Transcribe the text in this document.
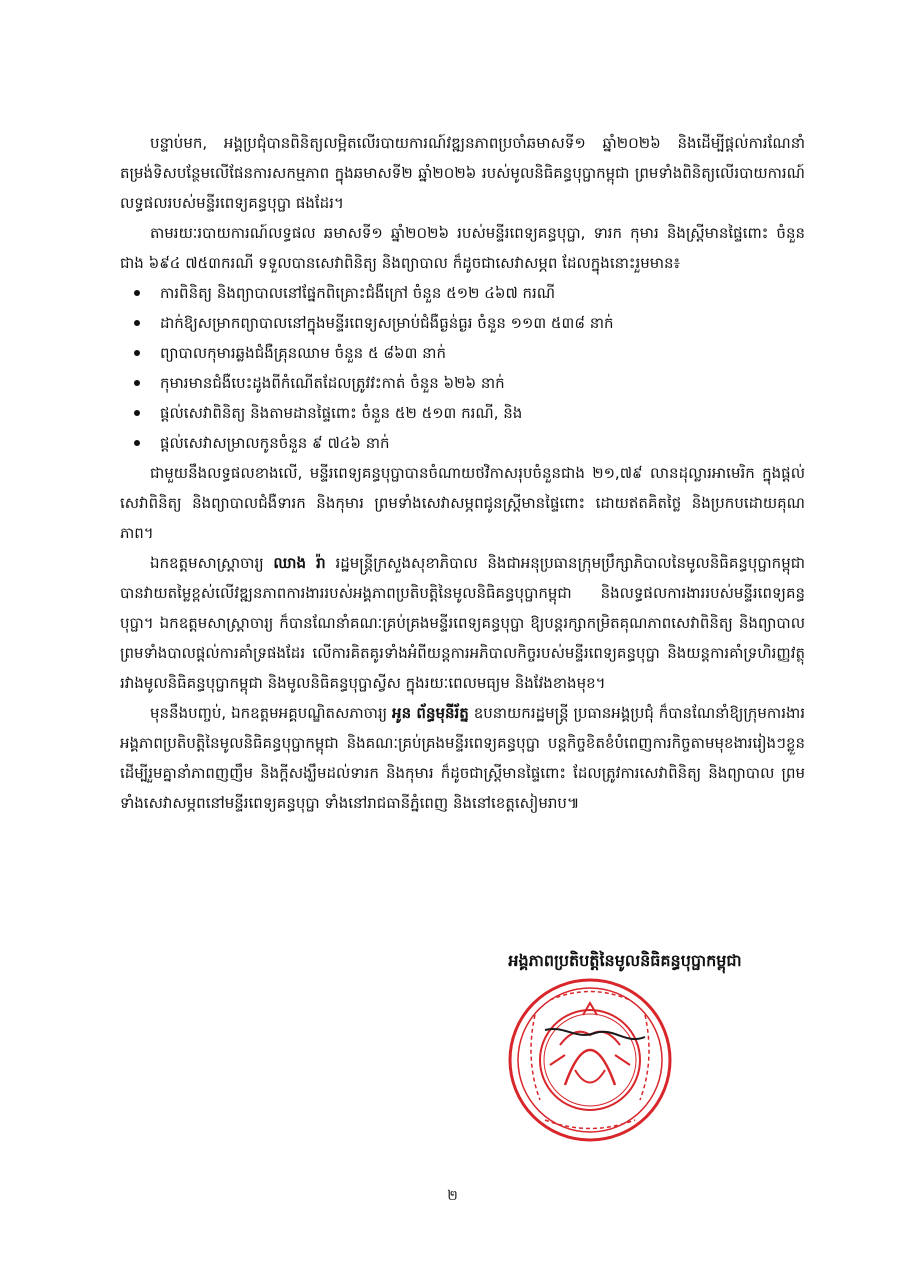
បន្ទាប់មក, អង្គប្រជុំបានពិនិត្យលម្អិតលើរបាយការណ៍វឌ្ឍនភាពប្រចាំឆមាសទី១ ឆ្នាំ២០២៦ និងដើម្បីផ្តល់ការណែនាំតម្រង់ទិសបន្ថែមលើផែនការសកម្មភាព ក្នុងឆមាសទី២ ឆ្នាំ២០២៦ របស់មូលនិធិគន្ធបុប្ផាកម្ពុជា ព្រមទាំងពិនិត្យលើរបាយការណ៍លទ្ធផលរបស់មន្ទីរពេទ្យគន្ធបុប្ផា ផងដែរ។

តាមរយៈរបាយការណ៍លទ្ធផល ឆមាសទី១ ឆ្នាំ២០២៦ របស់មន្ទីរពេទ្យគន្ធបុប្ផា, ទារក កុមារ និងស្ត្រីមានផ្ទៃពោះ ចំនួនជាង ៦៩៤ ៧៥៣ករណី ទទួលបានសេវាពិនិត្យ និងព្យាបាល ក៏ដូចជាសេវាសម្ភព ដែលក្នុងនោះរួមមាន៖

ការពិនិត្យ និងព្យាបាលនៅផ្នែកពិគ្រោះជំងឺក្រៅ ចំនួន ៥១២ ៤៦៧ ករណី
ដាក់ឱ្យសម្រាកព្យាបាលនៅក្នុងមន្ទីរពេទ្យសម្រាប់ជំងឺធ្ងន់ធ្ងរ ចំនួន ១១៣ ៥៣៨ នាក់
ព្យាបាលកុមារឆ្លងជំងឺគ្រុនឈាម ចំនួន ៥ ៨៦៣ នាក់
កុមារមានជំងឺបេះដូងពីកំណើតដែលត្រូវវះកាត់ ចំនួន ៦២៦ នាក់
ផ្តល់សេវាពិនិត្យ និងតាមដានផ្ទៃពោះ ចំនួន ៥២ ៥១៣ ករណី, និង
ផ្តល់សេវាសម្រាលកូនចំនួន ៩ ៧៤៦ នាក់

ជាមួយនឹងលទ្ធផលខាងលើ, មន្ទីរពេទ្យគន្ធបុប្ផាបានចំណាយថវិកាសរុបចំនួនជាង ២១,៧៩ លានដុល្លារអាមេរិក ក្នុងផ្តល់សេវាពិនិត្យ និងព្យាបាលជំងឺទារក និងកុមារ ព្រមទាំងសេវាសម្ភពជូនស្ត្រីមានផ្ទៃពោះ ដោយឥតគិតថ្លៃ និងប្រកបដោយគុណភាព។

ឯកឧត្តមសាស្ត្រាចារ្យ ឈាង រ៉ា រដ្ឋមន្ត្រីក្រសួងសុខាភិបាល និងជាអនុប្រធានក្រុមប្រឹក្សាភិបាលនៃមូលនិធិគន្ធបុប្ផាកម្ពុជា បានវាយតម្លៃខ្ពស់លើវឌ្ឍនភាពការងាររបស់អង្គភាពប្រតិបត្តិនៃមូលនិធិគន្ធបុប្ផាកម្ពុជា និងលទ្ធផលការងាររបស់មន្ទីរពេទ្យគន្ធបុប្ផា។ ឯកឧត្តមសាស្ត្រាចារ្យ ក៏បានណែនាំគណៈគ្រប់គ្រងមន្ទីរពេទ្យគន្ធបុប្ផា ឱ្យបន្តរក្សាកម្រិតគុណភាពសេវាពិនិត្យ និងព្យាបាល ព្រមទាំងបាលផ្តល់ការគាំទ្រផងដែរ លើការគិតគូរទាំងអំពីយន្តការអភិបាលកិច្ចរបស់មន្ទីរពេទ្យគន្ធបុប្ផា និងយន្តការគាំទ្រហិរញ្ញវត្ថុ រវាងមូលនិធិគន្ធបុប្ផាកម្ពុជា និងមូលនិធិគន្ធបុប្ផាស្វីស ក្នុងរយៈពេលមធ្យម និងវែងខាងមុខ។

មុននឹងបញ្ចប់, ឯកឧត្តមអគ្គបណ្ឌិតសភាចារ្យ អូន ព័ន្ធមុនីរ័ត្ន ឧបនាយករដ្ឋមន្ត្រី ប្រធានអង្គប្រជុំ ក៏បានណែនាំឱ្យក្រុមការងារអង្គភាពប្រតិបត្តិនៃមូលនិធិគន្ធបុប្ផាកម្ពុជា និងគណៈគ្រប់គ្រងមន្ទីរពេទ្យគន្ធបុប្ផា បន្តកិច្ចខិតខំបំពេញការកិច្ចតាមមុខងាររៀងៗខ្លួន ដើម្បីរួមគ្នានាំភាពញញឹម និងក្តីសង្ឃឹមដល់ទារក និងកុមារ ក៏ដូចជាស្ត្រីមានផ្ទៃពោះ ដែលត្រូវការសេវាពិនិត្យ និងព្យាបាល ព្រមទាំងសេវាសម្ភពនៅមន្ទីរពេទ្យគន្ធបុប្ផា ទាំងនៅរាជធានីភ្នំពេញ និងនៅខេត្តសៀមរាប៕

អង្គភាពប្រតិបត្តិនៃមូលនិធិគន្ធបុប្ផាកម្ពុជា
២
